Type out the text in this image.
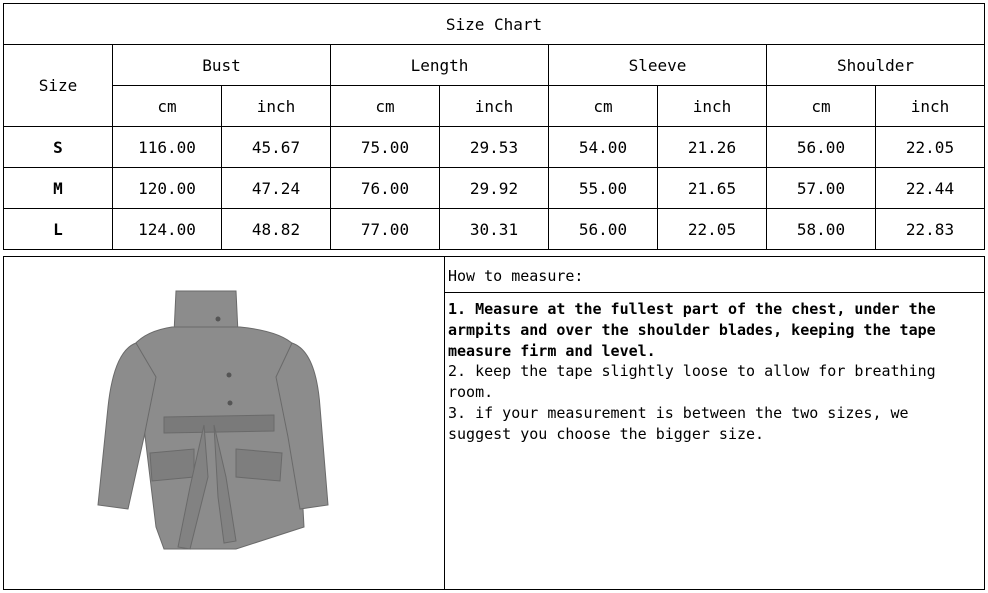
Size Chart								
Size	Bust		Length		Sleeve		Shoulder	
	cm	inch	cm	inch	cm	inch	cm	inch
S	116.00	45.67	75.00	29.53	54.00	21.26	56.00	22.05
M	120.00	47.24	76.00	29.92	55.00	21.65	57.00	22.44
L	124.00	48.82	77.00	30.31	56.00	22.05	58.00	22.83
How to measure:
1. Measure at the fullest part of the chest, under the armpits and over the shoulder blades, keeping the tape measure firm and level.
2. keep the tape slightly loose to allow for breathing room.
3. if your measurement is between the two sizes, we suggest you choose the bigger size.
